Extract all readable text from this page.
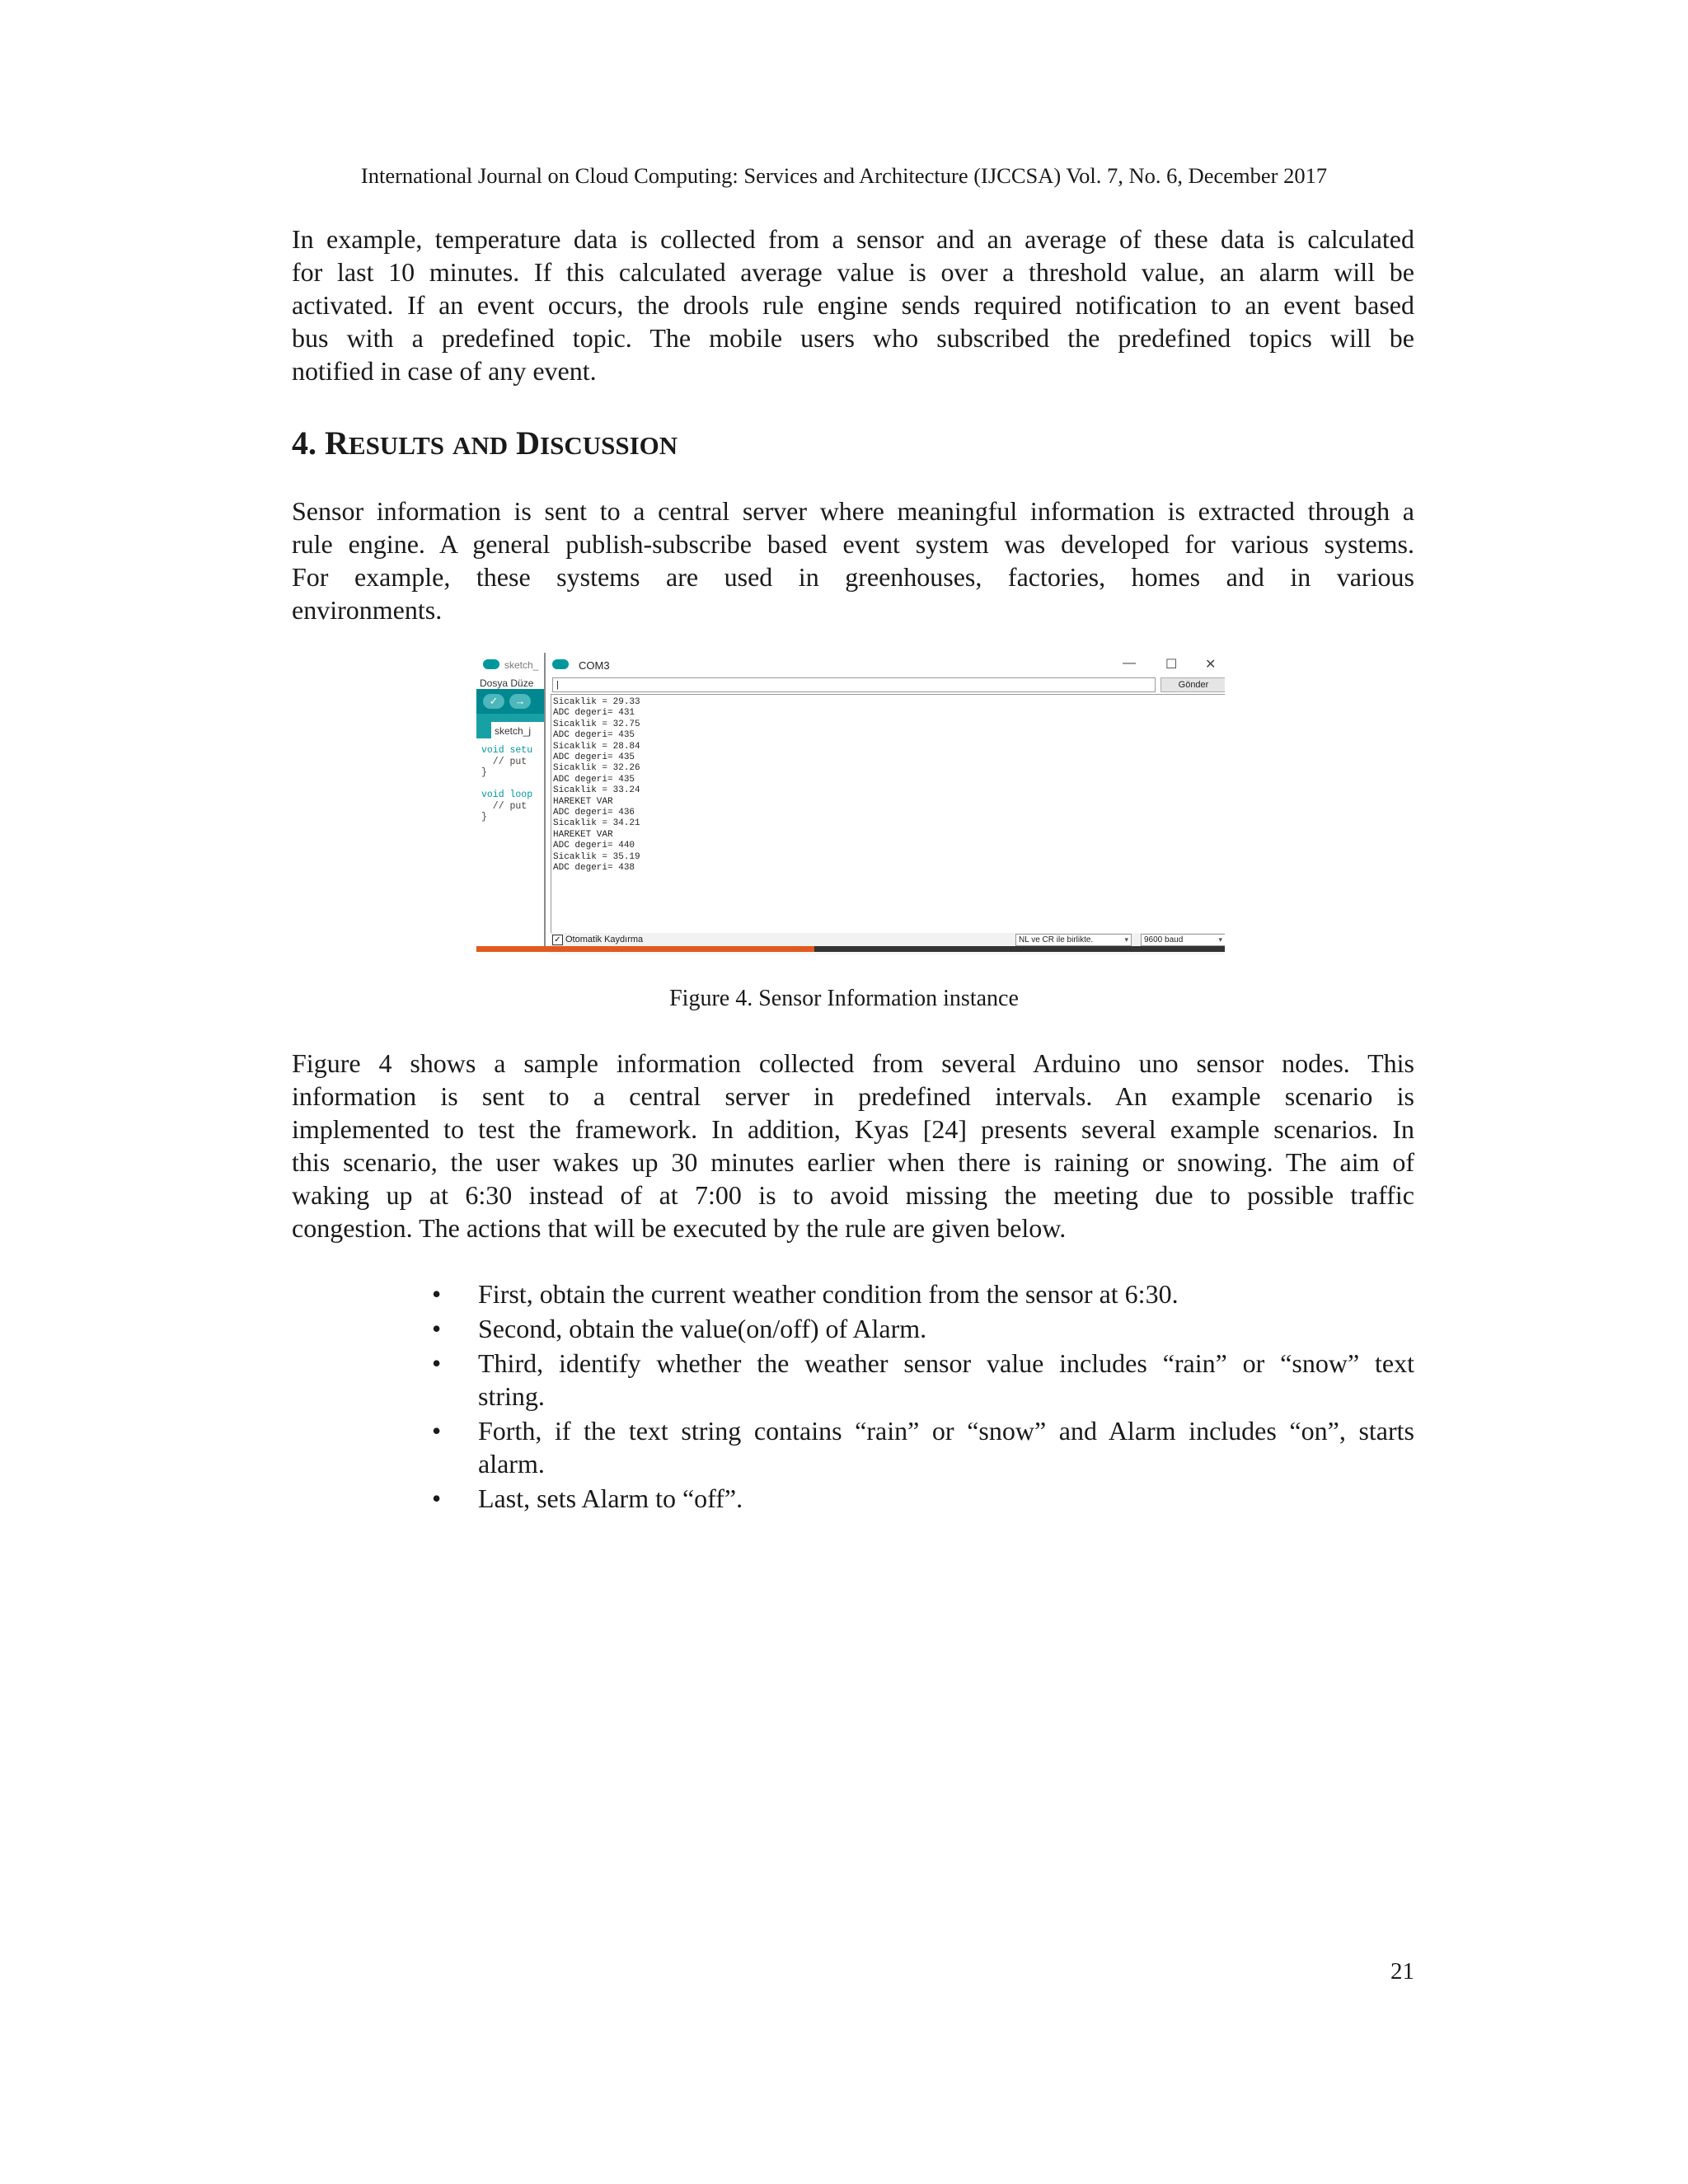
International Journal on Cloud Computing: Services and Architecture (IJCCSA) Vol. 7, No. 6, December 2017

In example, temperature data is collected from a sensor and an average of these data is calculated
for last 10 minutes. If this calculated average value is over a threshold value, an alarm will be
activated. If an event occurs, the drools rule engine sends required notification to an event based
bus with a predefined topic. The mobile users who subscribed the predefined topics will be
notified in case of any event.

4. RESULTS AND DISCUSSION

Sensor information is sent to a central server where meaningful information is extracted through a
rule engine. A general publish-subscribe based event system was developed for various systems.
For example, these systems are used in greenhouses, factories, homes and in various
environments.

sketch_
Dosya Düze
✓	→
sketch_j
void setu
// put
}

void loop
// put
}
COM3	— ☐ ✕
|	Gönder
Sicaklik = 29.33
ADC degeri= 431
Sicaklik = 32.75
ADC degeri= 435
Sicaklik = 28.84
ADC degeri= 435
Sicaklik = 32.26
ADC degeri= 435
Sicaklik = 33.24
HAREKET VAR
ADC degeri= 436
Sicaklik = 34.21
HAREKET VAR
ADC degeri= 440
Sicaklik = 35.19
ADC degeri= 438
✓ Otomatik Kaydırma	NL ve CR ile birlikte.	▾	9600 baud	▾
Figure 4. Sensor Information instance

Figure 4 shows a sample information collected from several Arduino uno sensor nodes. This
information is sent to a central server in predefined intervals. An example scenario is
implemented to test the framework. In addition, Kyas [24] presents several example scenarios. In
this scenario, the user wakes up 30 minutes earlier when there is raining or snowing. The aim of
waking up at 6:30 instead of at 7:00 is to avoid missing the meeting due to possible traffic
congestion. The actions that will be executed by the rule are given below.

• First, obtain the current weather condition from the sensor at 6:30.
• Second, obtain the value(on/off) of Alarm.
• Third, identify whether the weather sensor value includes “rain” or “snow” text
string.
• Forth, if the text string contains “rain” or “snow” and Alarm includes “on”, starts
alarm.
• Last, sets Alarm to “off”.
21
